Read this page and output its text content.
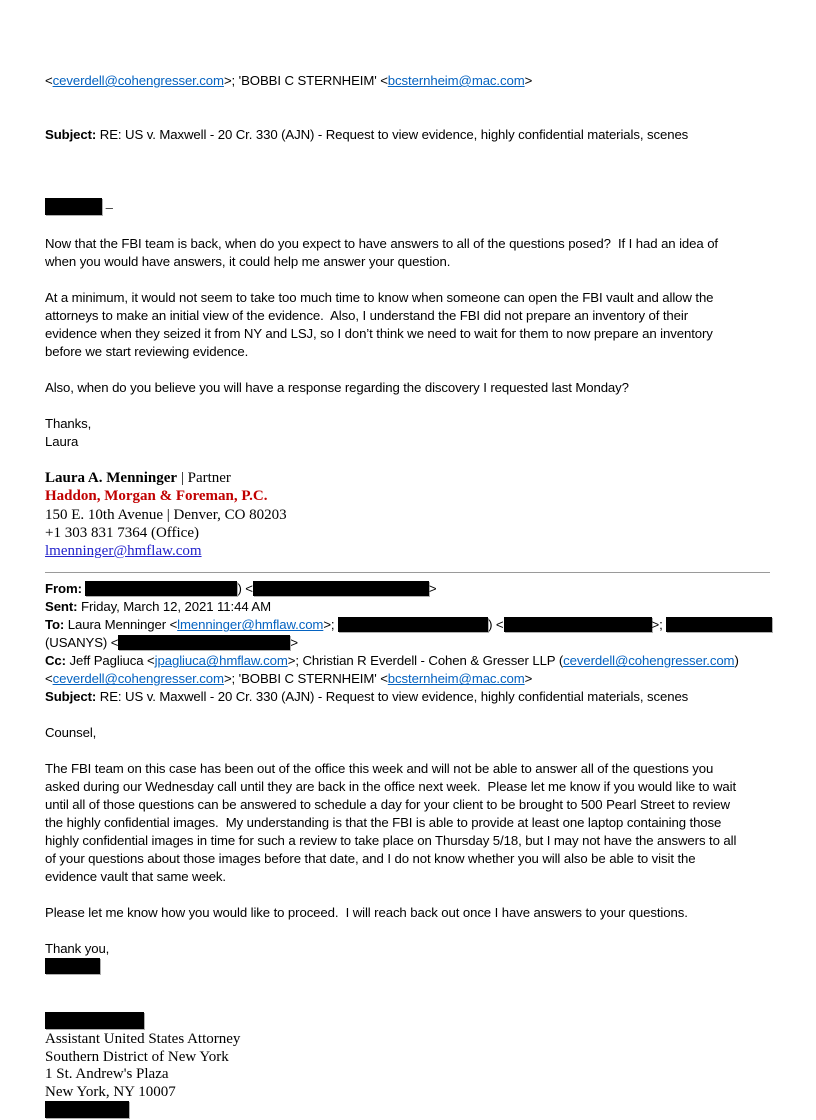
<ceverdell@cohengresser.com>; 'BOBBI C STERNHEIM' <bcsternheim@mac.com>

Subject: RE: US v. Maxwell - 20 Cr. 330 (AJN) - Request to view evidence, highly confidential materials, scenes

–
Now that the FBI team is back, when do you expect to have answers to all of the questions posed?  If I had an idea of
when you would have answers, it could help me answer your question.
At a minimum, it would not seem to take too much time to know when someone can open the FBI vault and allow the
attorneys to make an initial view of the evidence.  Also, I understand the FBI did not prepare an inventory of their
evidence when they seized it from NY and LSJ, so I don’t think we need to wait for them to now prepare an inventory
before we start reviewing evidence.
Also, when do you believe you will have a response regarding the discovery I requested last Monday?
Thanks,
Laura
Laura A. Menninger | Partner
Haddon, Morgan & Foreman, P.C.
150 E. 10th Avenue | Denver, CO 80203
+1 303 831 7364 (Office)
lmenninger@hmflaw.com
From:	) <	>
Sent: Friday, March 12, 2021 11:44 AM
To: Laura Menninger <lmenninger@hmflaw.com>;	) <	>;
(USANYS) <	>
Cc: Jeff Pagliuca <jpagliuca@hmflaw.com>; Christian R Everdell - Cohen & Gresser LLP (ceverdell@cohengresser.com)
<ceverdell@cohengresser.com>; 'BOBBI C STERNHEIM' <bcsternheim@mac.com>
Subject: RE: US v. Maxwell - 20 Cr. 330 (AJN) - Request to view evidence, highly confidential materials, scenes
Counsel,
The FBI team on this case has been out of the office this week and will not be able to answer all of the questions you
asked during our Wednesday call until they are back in the office next week.  Please let me know if you would like to wait
until all of those questions can be answered to schedule a day for your client to be brought to 500 Pearl Street to review
the highly confidential images.  My understanding is that the FBI is able to provide at least one laptop containing those
highly confidential images in time for such a review to take place on Thursday 5/18, but I may not have the answers to all
of your questions about those images before that date, and I do not know whether you will also be able to visit the
evidence vault that same week.
Please let me know how you would like to proceed.  I will reach back out once I have answers to your questions.
Thank you,
Assistant United States Attorney
Southern District of New York
1 St. Andrew's Plaza
New York, NY 10007
